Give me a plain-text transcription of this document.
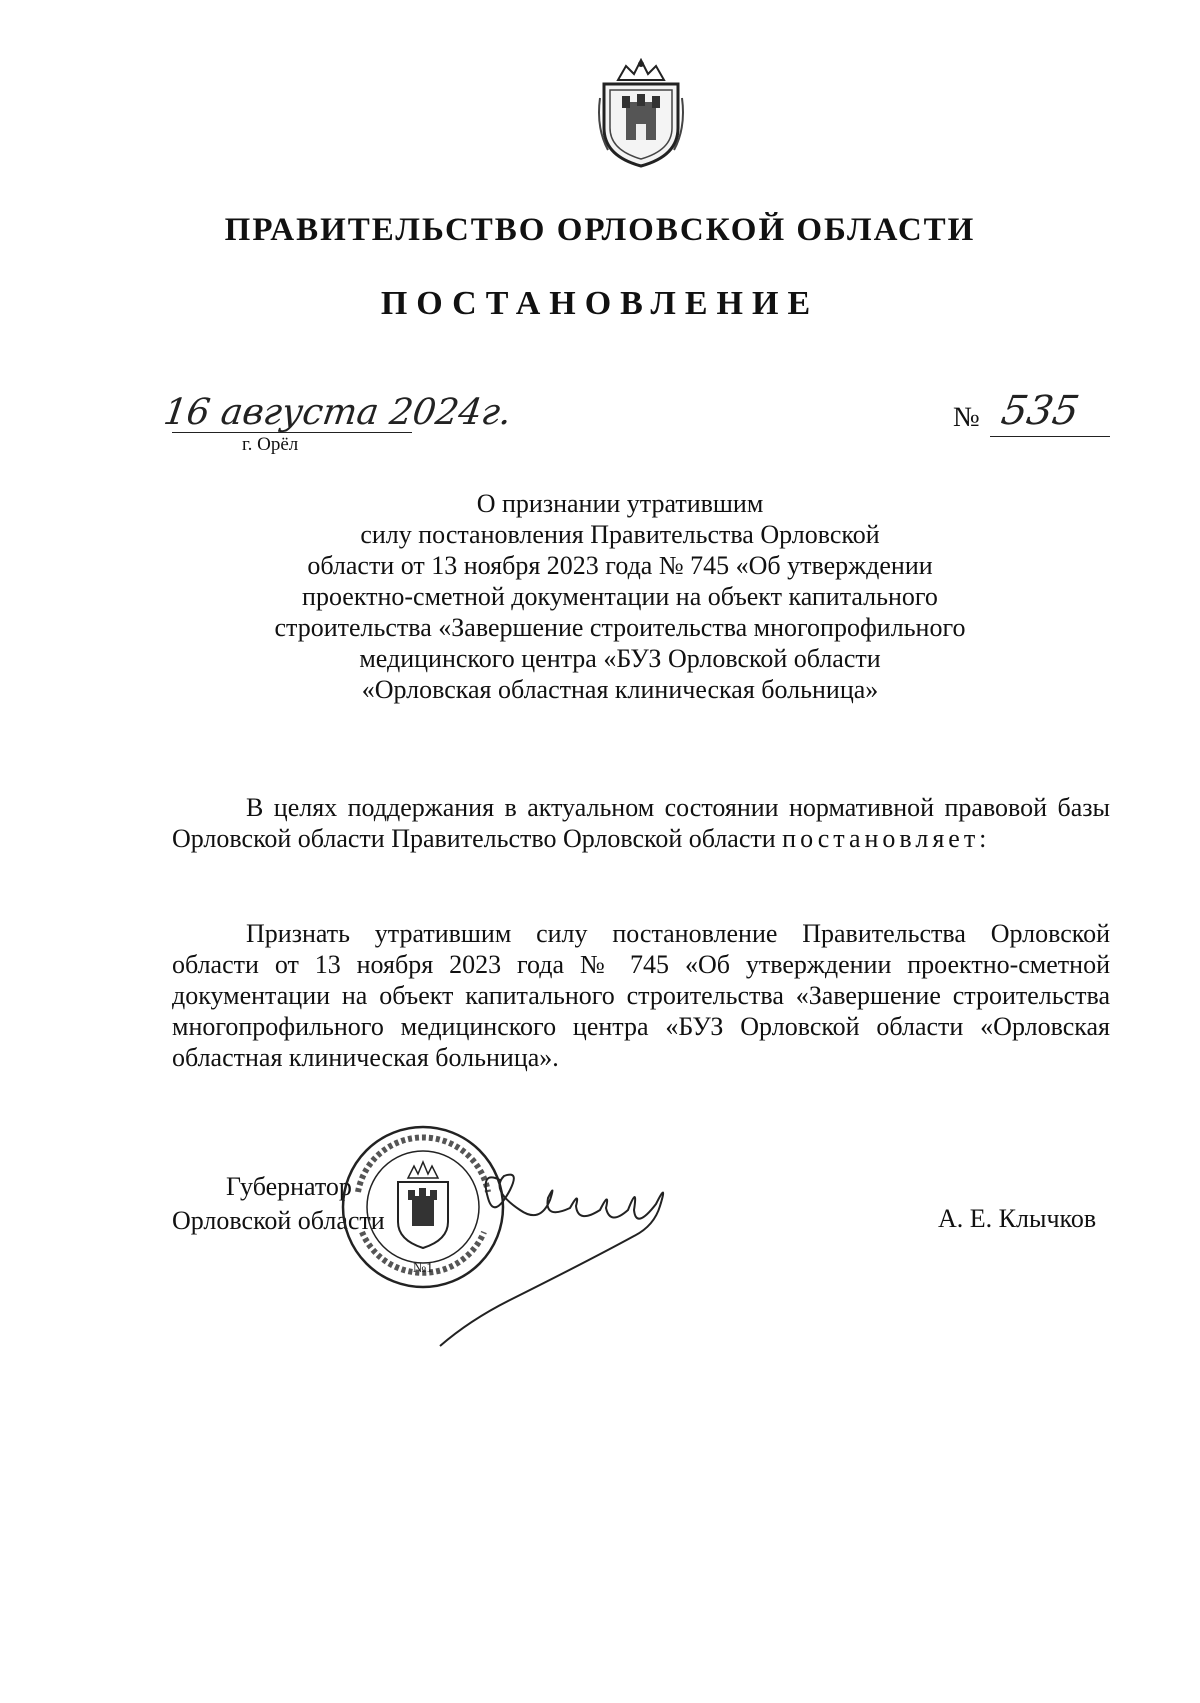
ПРАВИТЕЛЬСТВО ОРЛОВСКОЙ ОБЛАСТИ
ПОСТАНОВЛЕНИЕ
16 августа 2024г.
г. Орёл
№ 535
О признании утратившим
силу постановления Правительства Орловской
области от 13 ноября 2023 года № 745 «Об утверждении
проектно-сметной документации на объект капитального
строительства «Завершение строительства многопрофильного
медицинского центра «БУЗ Орловской области
«Орловская областная клиническая больница»
В целях поддержания в актуальном состоянии нормативной правовой базы Орловской области Правительство Орловской области постановляет:
Признать утратившим силу постановление Правительства Орловской области от 13 ноября 2023 года № 745 «Об утверждении проектно-сметной документации на объект капитального строительства «Завершение строительства многопрофильного медицинского центра «БУЗ Орловской области «Орловская областная клиническая больница».
Губернатор
Орловской области	А. Е. Клычков
№1
